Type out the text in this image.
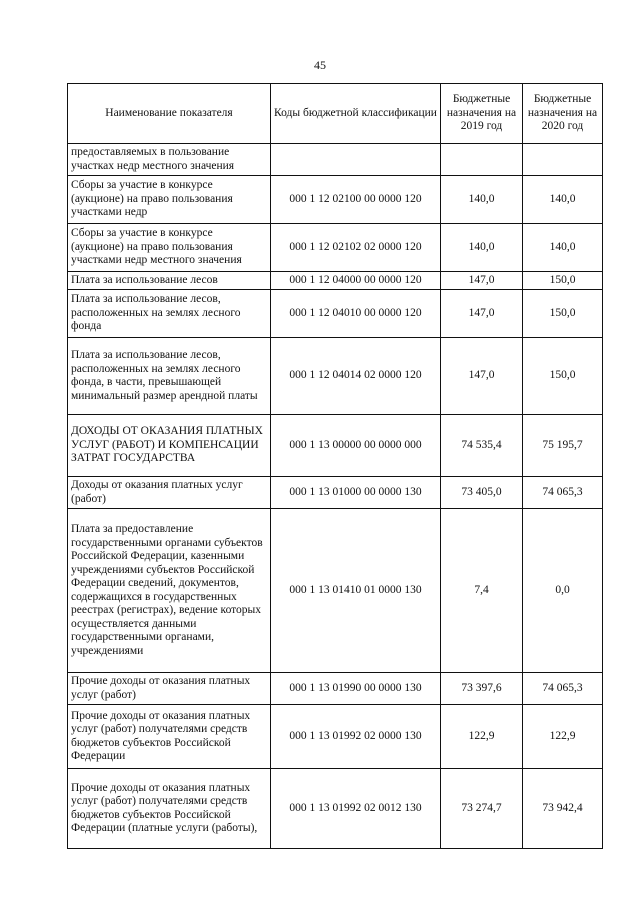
45
Наименование показателя	Коды бюджетной классификации	Бюджетные назначения на 2019 год	Бюджетные назначения на 2020 год
предоставляемых в пользование участках недр местного значения			
Сборы за участие в конкурсе (аукционе) на право пользования участками недр	000 1 12 02100 00 0000 120	140,0	140,0
Сборы за участие в конкурсе (аукционе) на право пользования участками недр местного значения	000 1 12 02102 02 0000 120	140,0	140,0
Плата за использование лесов	000 1 12 04000 00 0000 120	147,0	150,0
Плата за использование лесов, расположенных на землях лесного фонда	000 1 12 04010 00 0000 120	147,0	150,0
Плата за использование лесов, расположенных на землях лесного фонда, в части, превышающей минимальный размер арендной платы	000 1 12 04014 02 0000 120	147,0	150,0
ДОХОДЫ ОТ ОКАЗАНИЯ ПЛАТНЫХ УСЛУГ (РАБОТ) И КОМПЕНСАЦИИ ЗАТРАТ ГОСУДАРСТВА	000 1 13 00000 00 0000 000	74 535,4	75 195,7
Доходы от оказания платных услуг (работ)	000 1 13 01000 00 0000 130	73 405,0	74 065,3
Плата за предоставление государственными органами субъектов Российской Федерации, казенными учреждениями субъектов Российской Федерации сведений, документов, содержащихся в государственных реестрах (регистрах), ведение которых осуществляется данными государственными органами, учреждениями	000 1 13 01410 01 0000 130	7,4	0,0
Прочие доходы от оказания платных услуг (работ)	000 1 13 01990 00 0000 130	73 397,6	74 065,3
Прочие доходы от оказания платных услуг (работ) получателями средств бюджетов субъектов Российской Федерации	000 1 13 01992 02 0000 130	122,9	122,9
Прочие доходы от оказания платных услуг (работ) получателями средств бюджетов субъектов Российской Федерации (платные услуги (работы),	000 1 13 01992 02 0012 130	73 274,7	73 942,4
